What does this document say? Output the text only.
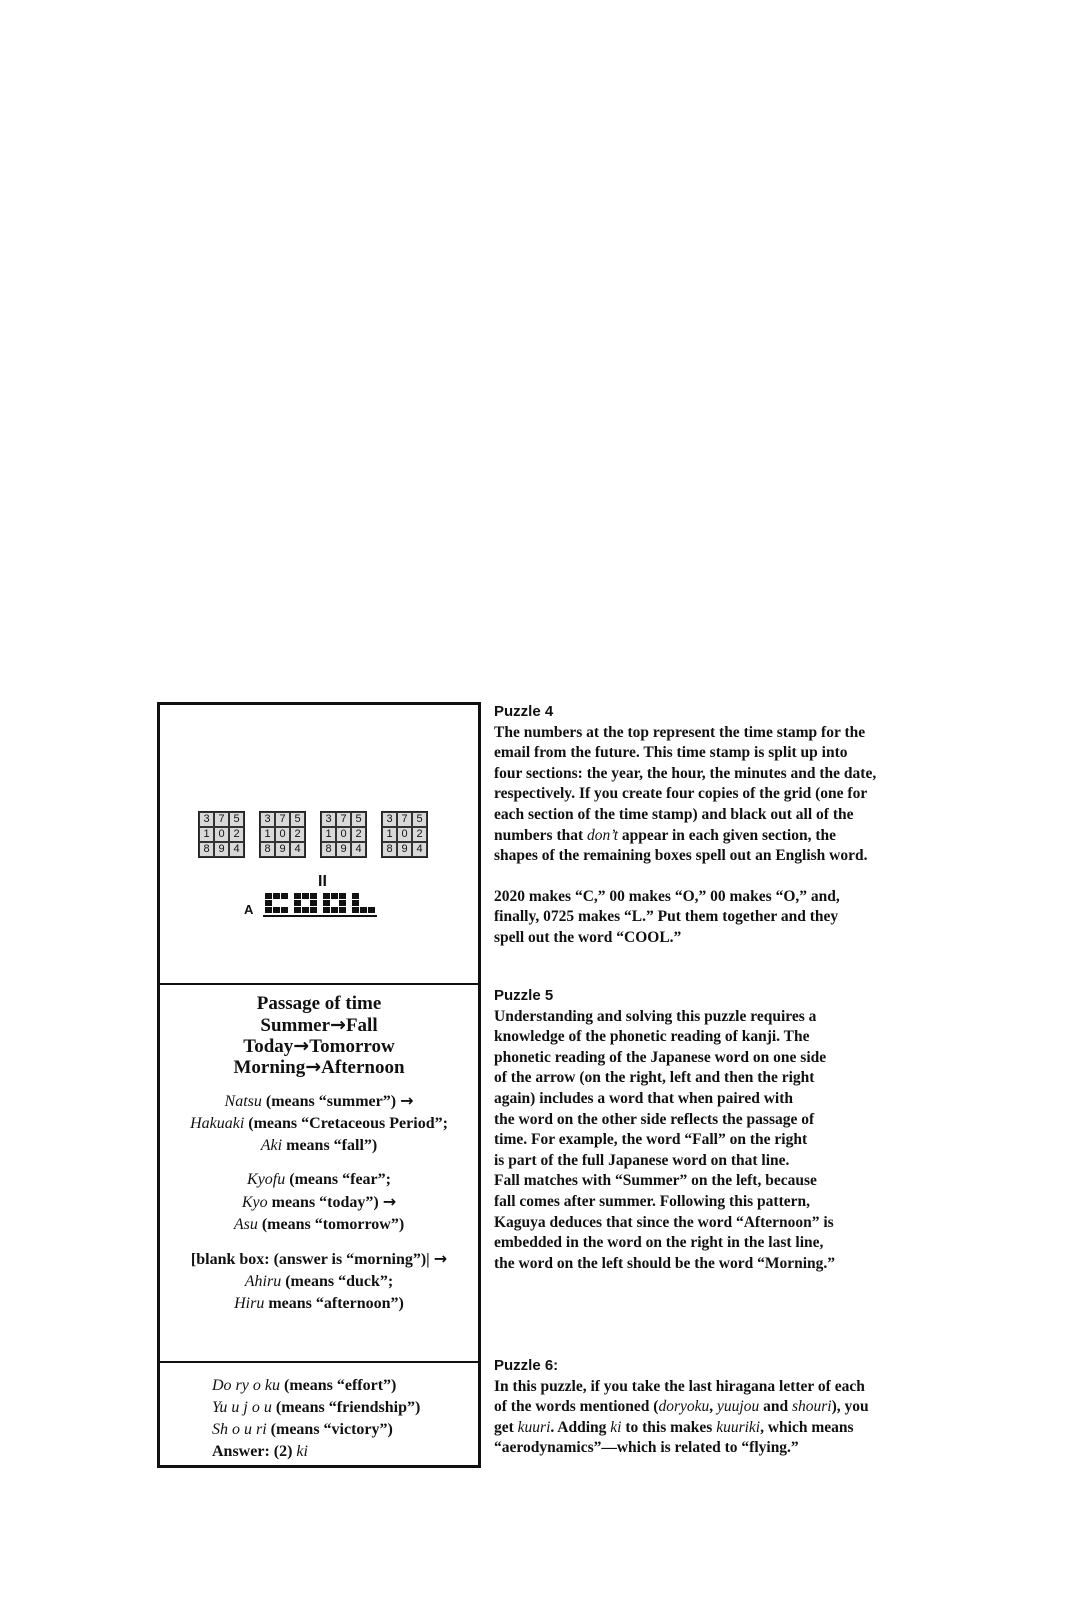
3 7 5
1 0 2
8 9 4
3 7 5
1 0 2
8 9 4
3 7 5
1 0 2
8 9 4
3 7 5
1 0 2
8 9 4
II
A
Passage of time
Summer→Fall
Today→Tomorrow
Morning→Afternoon
Natsu (means “summer”) →
Hakuaki (means “Cretaceous Period”;
Aki means “fall”)
Kyofu (means “fear”;
Kyo means “today”) →
Asu (means “tomorrow”)
[blank box: (answer is “morning”)| →
Ahiru (means “duck”;
Hiru means “afternoon”)
Do ry o ku (means “effort”)
Yu u j o u (means “friendship”)
Sh o u ri (means “victory”)
Answer: (2) ki
Puzzle 4
The numbers at the top represent the time stamp for the
email from the future. This time stamp is split up into
four sections: the year, the hour, the minutes and the date,
respectively. If you create four copies of the grid (one for
each section of the time stamp) and black out all of the
numbers that don’t appear in each given section, the
shapes of the remaining boxes spell out an English word.
2020 makes “C,” 00 makes “O,” 00 makes “O,” and,
finally, 0725 makes “L.” Put them together and they
spell out the word “COOL.”
Puzzle 5
Understanding and solving this puzzle requires a
knowledge of the phonetic reading of kanji. The
phonetic reading of the Japanese word on one side
of the arrow (on the right, left and then the right
again) includes a word that when paired with
the word on the other side reflects the passage of
time. For example, the word “Fall” on the right
is part of the full Japanese word on that line.
Fall matches with “Summer” on the left, because
fall comes after summer. Following this pattern,
Kaguya deduces that since the word “Afternoon” is
embedded in the word on the right in the last line,
the word on the left should be the word “Morning.”
Puzzle 6:
In this puzzle, if you take the last hiragana letter of each
of the words mentioned (doryoku, yuujou and shouri), you
get kuuri. Adding ki to this makes kuuriki, which means
“aerodynamics”—which is related to “flying.”
